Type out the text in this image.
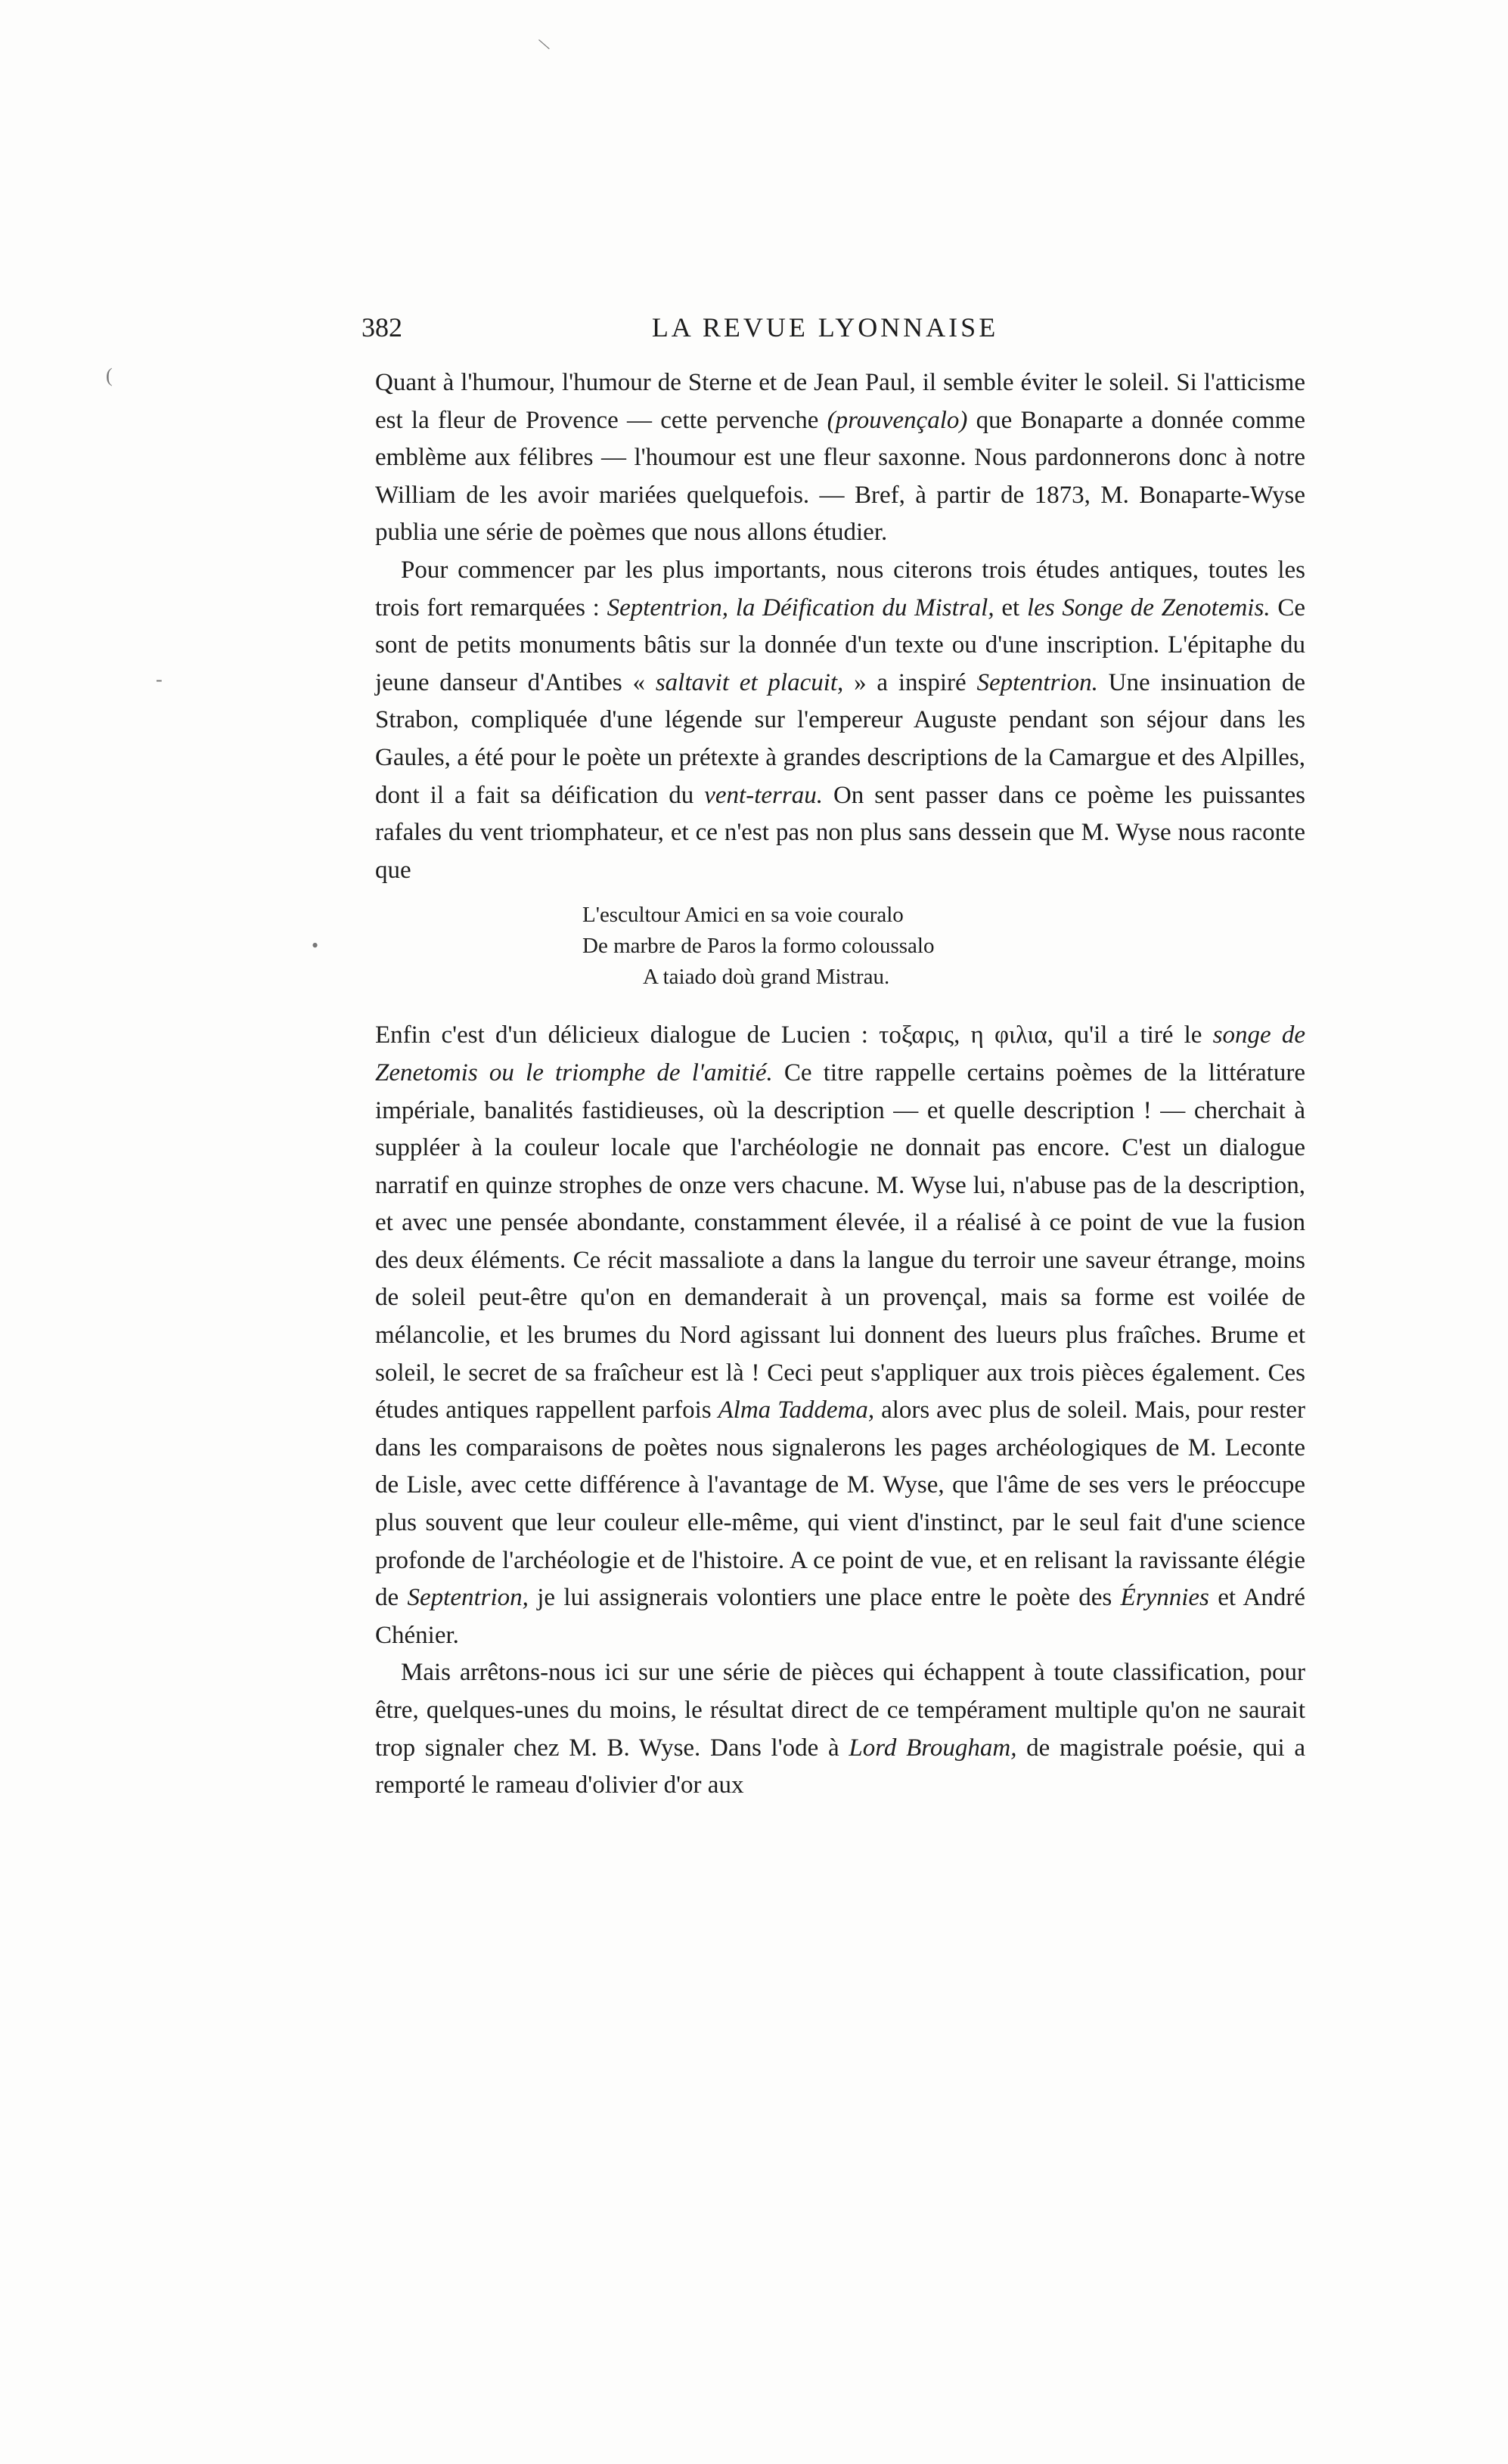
\
(
-
•
382	LA REVUE LYONNAISE

Quant à l'humour, l'humour de Sterne et de Jean Paul, il semble éviter le soleil. Si l'atticisme est la fleur de Provence — cette pervenche (prouvençalo) que Bonaparte a donnée comme emblème aux félibres — l'houmour est une fleur saxonne. Nous pardonnerons donc à notre William de les avoir mariées quelquefois. — Bref, à partir de 1873, M. Bonaparte-Wyse publia une série de poèmes que nous allons étudier.

Pour commencer par les plus importants, nous citerons trois études antiques, toutes les trois fort remarquées : Septentrion, la Déification du Mistral, et les Songe de Zenotemis. Ce sont de petits monuments bâtis sur la donnée d'un texte ou d'une inscription. L'épitaphe du jeune danseur d'Antibes « saltavit et placuit, » a inspiré Septentrion. Une insinuation de Strabon, compliquée d'une légende sur l'empereur Auguste pendant son séjour dans les Gaules, a été pour le poète un prétexte à grandes descriptions de la Camargue et des Alpilles, dont il a fait sa déification du vent-terrau. On sent passer dans ce poème les puissantes rafales du vent triomphateur, et ce n'est pas non plus sans dessein que M. Wyse nous raconte que

L'escultour Amici en sa voie couralo
De marbre de Paros la formo coloussalo
A taiado doù grand Mistrau.

Enfin c'est d'un délicieux dialogue de Lucien : τοξαρις, η φιλια, qu'il a tiré le songe de Zenetomis ou le triomphe de l'amitié. Ce titre rappelle certains poèmes de la littérature impériale, banalités fastidieuses, où la description — et quelle description ! — cherchait à suppléer à la couleur locale que l'archéologie ne donnait pas encore. C'est un dialogue narratif en quinze strophes de onze vers chacune. M. Wyse lui, n'abuse pas de la description, et avec une pensée abondante, constamment élevée, il a réalisé à ce point de vue la fusion des deux éléments. Ce récit massaliote a dans la langue du terroir une saveur étrange, moins de soleil peut-être qu'on en demanderait à un provençal, mais sa forme est voilée de mélancolie, et les brumes du Nord agissant lui donnent des lueurs plus fraîches. Brume et soleil, le secret de sa fraîcheur est là ! Ceci peut s'appliquer aux trois pièces également. Ces études antiques rappellent parfois Alma Taddema, alors avec plus de soleil. Mais, pour rester dans les comparaisons de poètes nous signalerons les pages archéologiques de M. Leconte de Lisle, avec cette différence à l'avantage de M. Wyse, que l'âme de ses vers le préoccupe plus souvent que leur couleur elle-même, qui vient d'instinct, par le seul fait d'une science profonde de l'archéologie et de l'histoire. A ce point de vue, et en relisant la ravissante élégie de Septentrion, je lui assignerais volontiers une place entre le poète des Érynnies et André Chénier.

Mais arrêtons-nous ici sur une série de pièces qui échappent à toute classification, pour être, quelques-unes du moins, le résultat direct de ce tempérament multiple qu'on ne saurait trop signaler chez M. B. Wyse. Dans l'ode à Lord Brougham, de magistrale poésie, qui a remporté le rameau d'olivier d'or aux
